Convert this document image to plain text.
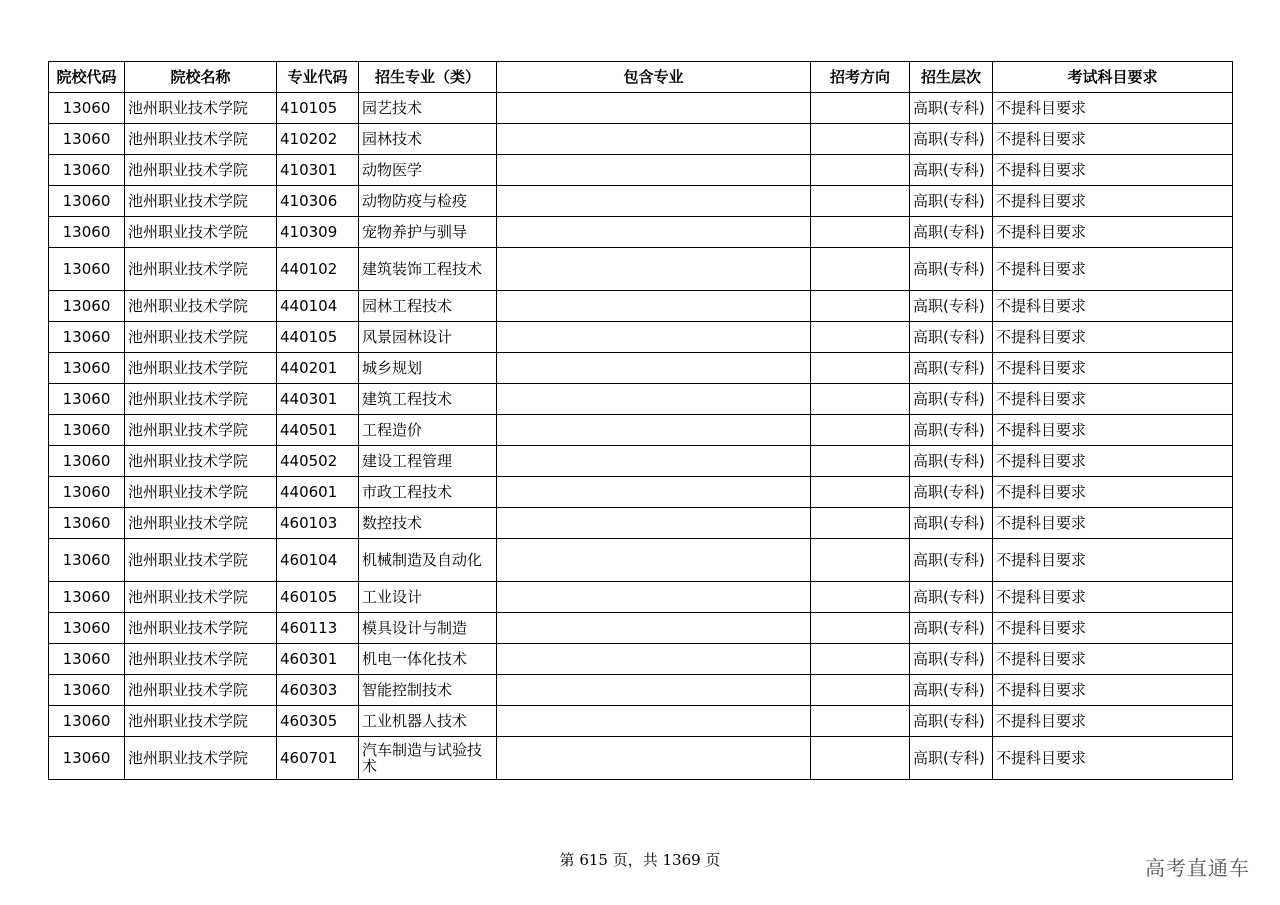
院校代码	院校名称	专业代码	招生专业（类）	包含专业	招考方向	招生层次	考试科目要求
13060	池州职业技术学院	410105	园艺技术			高职(专科)	不提科目要求
13060	池州职业技术学院	410202	园林技术			高职(专科)	不提科目要求
13060	池州职业技术学院	410301	动物医学			高职(专科)	不提科目要求
13060	池州职业技术学院	410306	动物防疫与检疫			高职(专科)	不提科目要求
13060	池州职业技术学院	410309	宠物养护与驯导			高职(专科)	不提科目要求
13060	池州职业技术学院	440102	建筑装饰工程技术			高职(专科)	不提科目要求
13060	池州职业技术学院	440104	园林工程技术			高职(专科)	不提科目要求
13060	池州职业技术学院	440105	风景园林设计			高职(专科)	不提科目要求
13060	池州职业技术学院	440201	城乡规划			高职(专科)	不提科目要求
13060	池州职业技术学院	440301	建筑工程技术			高职(专科)	不提科目要求
13060	池州职业技术学院	440501	工程造价			高职(专科)	不提科目要求
13060	池州职业技术学院	440502	建设工程管理			高职(专科)	不提科目要求
13060	池州职业技术学院	440601	市政工程技术			高职(专科)	不提科目要求
13060	池州职业技术学院	460103	数控技术			高职(专科)	不提科目要求
13060	池州职业技术学院	460104	机械制造及自动化			高职(专科)	不提科目要求
13060	池州职业技术学院	460105	工业设计			高职(专科)	不提科目要求
13060	池州职业技术学院	460113	模具设计与制造			高职(专科)	不提科目要求
13060	池州职业技术学院	460301	机电一体化技术			高职(专科)	不提科目要求
13060	池州职业技术学院	460303	智能控制技术			高职(专科)	不提科目要求
13060	池州职业技术学院	460305	工业机器人技术			高职(专科)	不提科目要求
13060	池州职业技术学院	460701	汽车制造与试验技术			高职(专科)	不提科目要求
第 615 页，共 1369 页	高考直通车
